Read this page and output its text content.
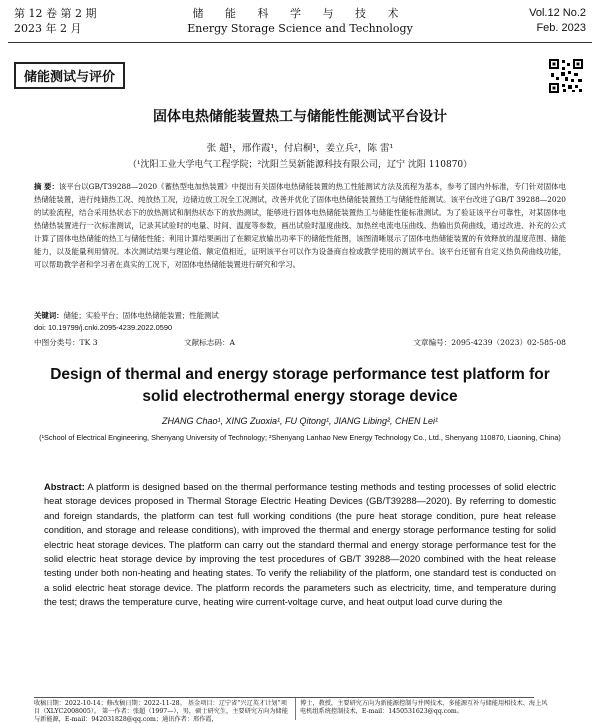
第 12 卷 第 2 期
2023 年 2 月
储 能 科 学 与 技 术
Energy Storage Science and Technology
Vol.12 No.2
Feb. 2023
储能测试与评价
固体电热储能装置热工与储能性能测试平台设计
张 超¹，邢作霞¹，付启桐¹，姜立兵²，陈 雷¹
（¹沈阳工业大学电气工程学院；²沈阳兰昊新能源科技有限公司，辽宁 沈阳 110870）
摘 要：该平台以GB/T39288—2020《蓄热型电加热装置》中提出有关固体电热储能装置的热工性能测试方法及流程为基本，参考了国内外标准，专门针对固体电热储能装置，进行纯储热工况、纯放热工况，边储边放工况全工况测试，改善并优化了固体电热储能装置热工与储能性能测试。该平台改进了GB/T 39288—2020的试验流程，结合采用热状态下的放热测试和制热状态下的放热测试，能够进行固体电热储能装置热工与储能性能标准测试。为了验证该平台可靠性，对某固体电热储热装置进行一次标准测试，记录其试验时的电量、时间、温度等参数，画出试验时温度曲线、加热丝电流电压曲线、热输出负荷曲线，通过改进、补充的公式计算了固体电热储能的热工与储能性能；利用计算结果画出了在额定放输出功率下的储能性能图，该图清晰展示了固体电热储能装置的有效释放的温度范围、储能能力，以及能量利用情况。本次测试结果与理论值、额定值相近，证明该平台可以作为设备商自检或教学使用的测试平台。该平台还留有自定义热负荷曲线功能，可以帮助教学者和学习者在真实的工况下，对固体电热储能装置进行研究和学习。
关键词：储能；实验平台；固体电热储能装置；性能测试
doi: 10.19799/j.cnki.2095-4239.2022.0590
中图分类号：TK 3	文献标志码：A	文章编号：2095-4239（2023）02-585-08
Design of thermal and energy storage performance test platform for solid electrothermal energy storage device
ZHANG Chao¹, XING Zuoxia¹, FU Qitong¹, JIANG Libing², CHEN Lei¹
(¹School of Electrical Engineering, Shenyang University of Technology; ²Shenyang Lanhao New Energy Technology Co., Ltd., Shenyang 110870, Liaoning, China)
Abstract: A platform is designed based on the thermal performance testing methods and testing processes of solid electric heat storage devices proposed in Thermal Storage Electric Heating Devices (GB/T39288—2020). By referring to domestic and foreign standards, the platform can test full working conditions (the pure heat storage condition, pure heat release condition, and storage and release conditions), with improved the thermal and energy storage performance testing for solid electric heat storage devices. The platform can carry out the standard thermal and energy storage performance test for the solid electric heat storage device by improving the test procedures of GB/T 39288—2020 combined with the heat release testing under both non-heating and heating states. To verify the reliability of the platform, one standard test is conducted on a solid electric heat storage device. The platform records the parameters such as electricity, time, and temperature during the test; draws the temperature curve, heating wire current-voltage curve, and heat output load curve during the
收稿日期：2022-10-14；修改稿日期：2022-11-28。 基金项目：辽宁省“兴辽英才计划”项目（XLYC2008005）。 第一作者：张超（1997—），男，硕士研究生，主要研究方向为储能与新能源，E-mail：942031828@qq.com；通讯作者：邢作霞，
博士，教授，主要研究方向为新能源控制与并网技术、多能源互补与储能用相技术、海上风电机组系统控制技术，E-mail：1450531623@qq.com。
